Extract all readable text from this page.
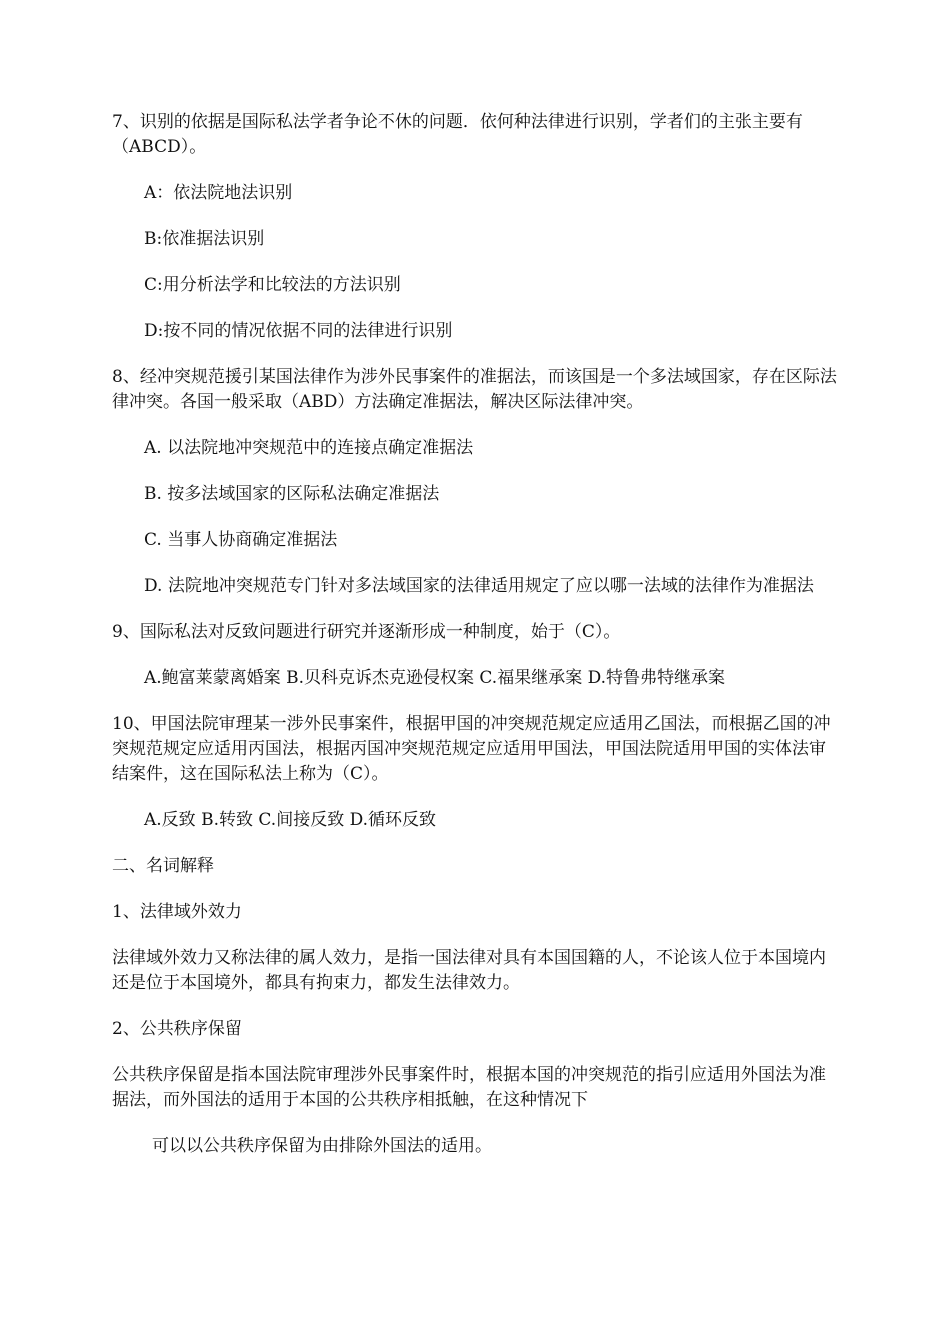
7、识别的依据是国际私法学者争论不休的问题．依何种法律进行识别，学者们的主张主要有（ABCD）。

A：依法院地法识别

B:依准据法识别

C:用分析法学和比较法的方法识别

D:按不同的情况依据不同的法律进行识别

8、经冲突规范援引某国法律作为涉外民事案件的准据法，而该国是一个多法域国家，存在区际法律冲突。各国一般采取（ABD）方法确定准据法，解决区际法律冲突。

A. 以法院地冲突规范中的连接点确定准据法

B. 按多法域国家的区际私法确定准据法

C. 当事人协商确定准据法

D. 法院地冲突规范专门针对多法域国家的法律适用规定了应以哪一法域的法律作为准据法

9、国际私法对反致问题进行研究并逐渐形成一种制度，始于（C）。

A.鲍富莱蒙离婚案 B.贝科克诉杰克逊侵权案 C.福果继承案 D.特鲁弗特继承案

10、甲国法院审理某一涉外民事案件，根据甲国的冲突规范规定应适用乙国法，而根据乙国的冲突规范规定应适用丙国法，根据丙国冲突规范规定应适用甲国法，甲国法院适用甲国的实体法审结案件，这在国际私法上称为（C）。

A.反致 B.转致 C.间接反致 D.循环反致

二、名词解释

1、法律域外效力

法律域外效力又称法律的属人效力，是指一国法律对具有本国国籍的人，不论该人位于本国境内还是位于本国境外，都具有拘束力，都发生法律效力。

2、公共秩序保留

公共秩序保留是指本国法院审理涉外民事案件时，根据本国的冲突规范的指引应适用外国法为准据法，而外国法的适用于本国的公共秩序相抵触，在这种情况下

可以以公共秩序保留为由排除外国法的适用。
